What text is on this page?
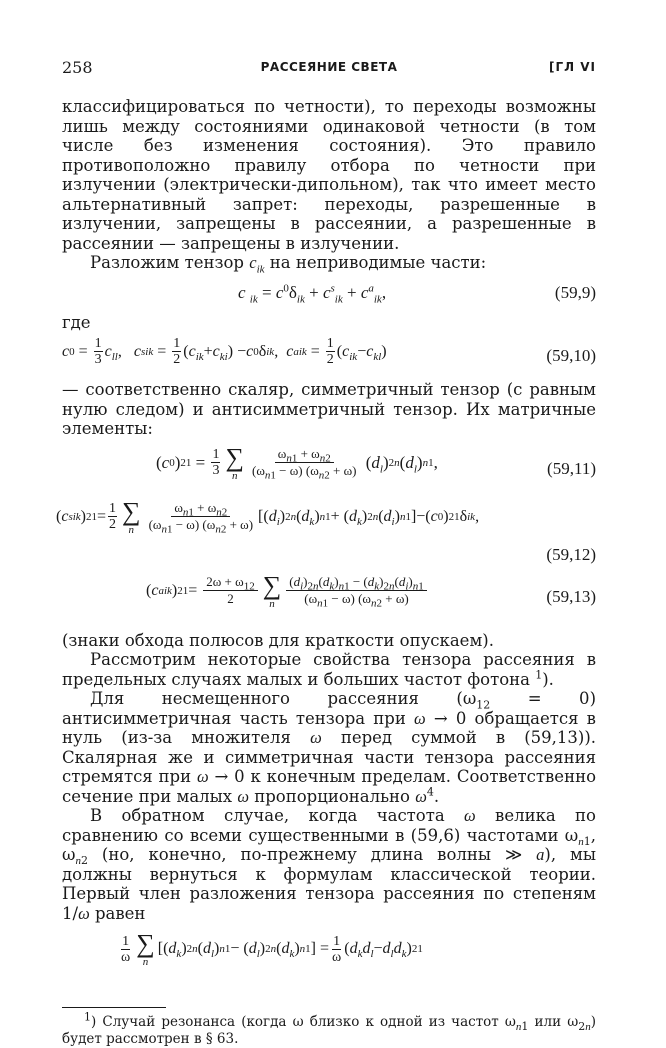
258	РАССЕЯНИЕ СВЕТА	[ГЛ VI

классифицироваться по четности), то переходы возможны лишь между состояниями одинаковой четности (в том числе без изменения состояния). Это правило противоположно правилу отбора по четности при излучении (электрически-дипольном), так что имеет место альтернативный запрет: переходы, разрешенные в излучении, запрещены в рассеянии, а разрешенные в рассеянии — запрещены в излучении.

Разложим тензор $c_{ik}$ на неприводимые части:

c $_{ik} = c^0\delta_{ik} + c^s_{ik} + c^a_{ik}$,	(59,9)

где

c $0 = \frac{1}{3} c_{ll}$ , c s ik = $\frac{1}{2}$ ( $c_{ik} + c_{ki}$ ) − c 0 δ ik , c a ik = $\frac{1}{2}$ ( $c_{ik} - c_{kl}$ )	(59,10)

— соответственно скаляр, симметричный тензор (с равным нулю следом) и антисимметричный тензор. Их матричные элементы:

( c 0 ) $21 = \frac{1}{3}$ ∑
n $\frac{\omega_{n1} + \omega_{n2}}{(\omega_{n1} - \omega) (\omega_{n2} + \omega)}$ ( $d_l$ ) 2n ( $d_l$ ) n1 ,	(59,11)
( c s ik ) $21 = \frac{1}{2}$ ∑
n $\frac{\omega_{n1} + \omega_{n2}}{(\omega_{n1} - \omega) (\omega_{n2} + \omega)}$ [( $d_i$ ) 2n ( $d_k$ ) n1 + ( $d_k$ ) 2n ( $d_i$ ) n1 ]−( c 0 ) 21 δ ik ,
(59,12)
( c a ik ) $21 = \frac{2\omega + \omega_{12}}{2}$ ∑
n $\frac{(d_i)_{2n}(d_k)_{n1} - (d_k)_{2n}(d_i)_{n1}}{(\omega_{n1} - \omega) (\omega_{n2} + \omega)}$	(59,13)

(знаки обхода полюсов для краткости опускаем).

Рассмотрим некоторые свойства тензора рассеяния в предельных случаях малых и больших частот фотона $^1$).

Для несмещенного рассеяния $(\omega_{12} = 0)$ антисимметричная часть тензора при ω → 0 обращается в нуль (из-за множителя ω перед суммой в (59,13)). Скалярная же и симметричная части тензора рассеяния стремятся при ω → 0 к конечным пределам. Соответственно сечение при малых ω пропорционально $\omega^4$.

В обратном случае, когда частота ω велика по сравнению со всеми существенными в (59,6) частотами $\omega_{n1}$, $\omega_{n2}$ (но, конечно, по-прежнему длина волны ≫ a), мы должны вернуться к формулам классической теории. Первый член разложения тензора рассеяния по степеням 1/ω равен

$\frac{1}{\omega}$ ∑
n
[( $d_k$ ) 2n ( $d_l$ ) n1 − ( $d_l$ ) 2n ( $d_k$ ) n1 ] = $\frac{1}{\omega}$ ( $d_kd_l - d_ld_k$ ) 21

$^1$) Случай резонанса (когда ω близко к одной из частот $\omega_{n1}$ или $\omega_{2n}$) будет рассмотрен в § 63.
